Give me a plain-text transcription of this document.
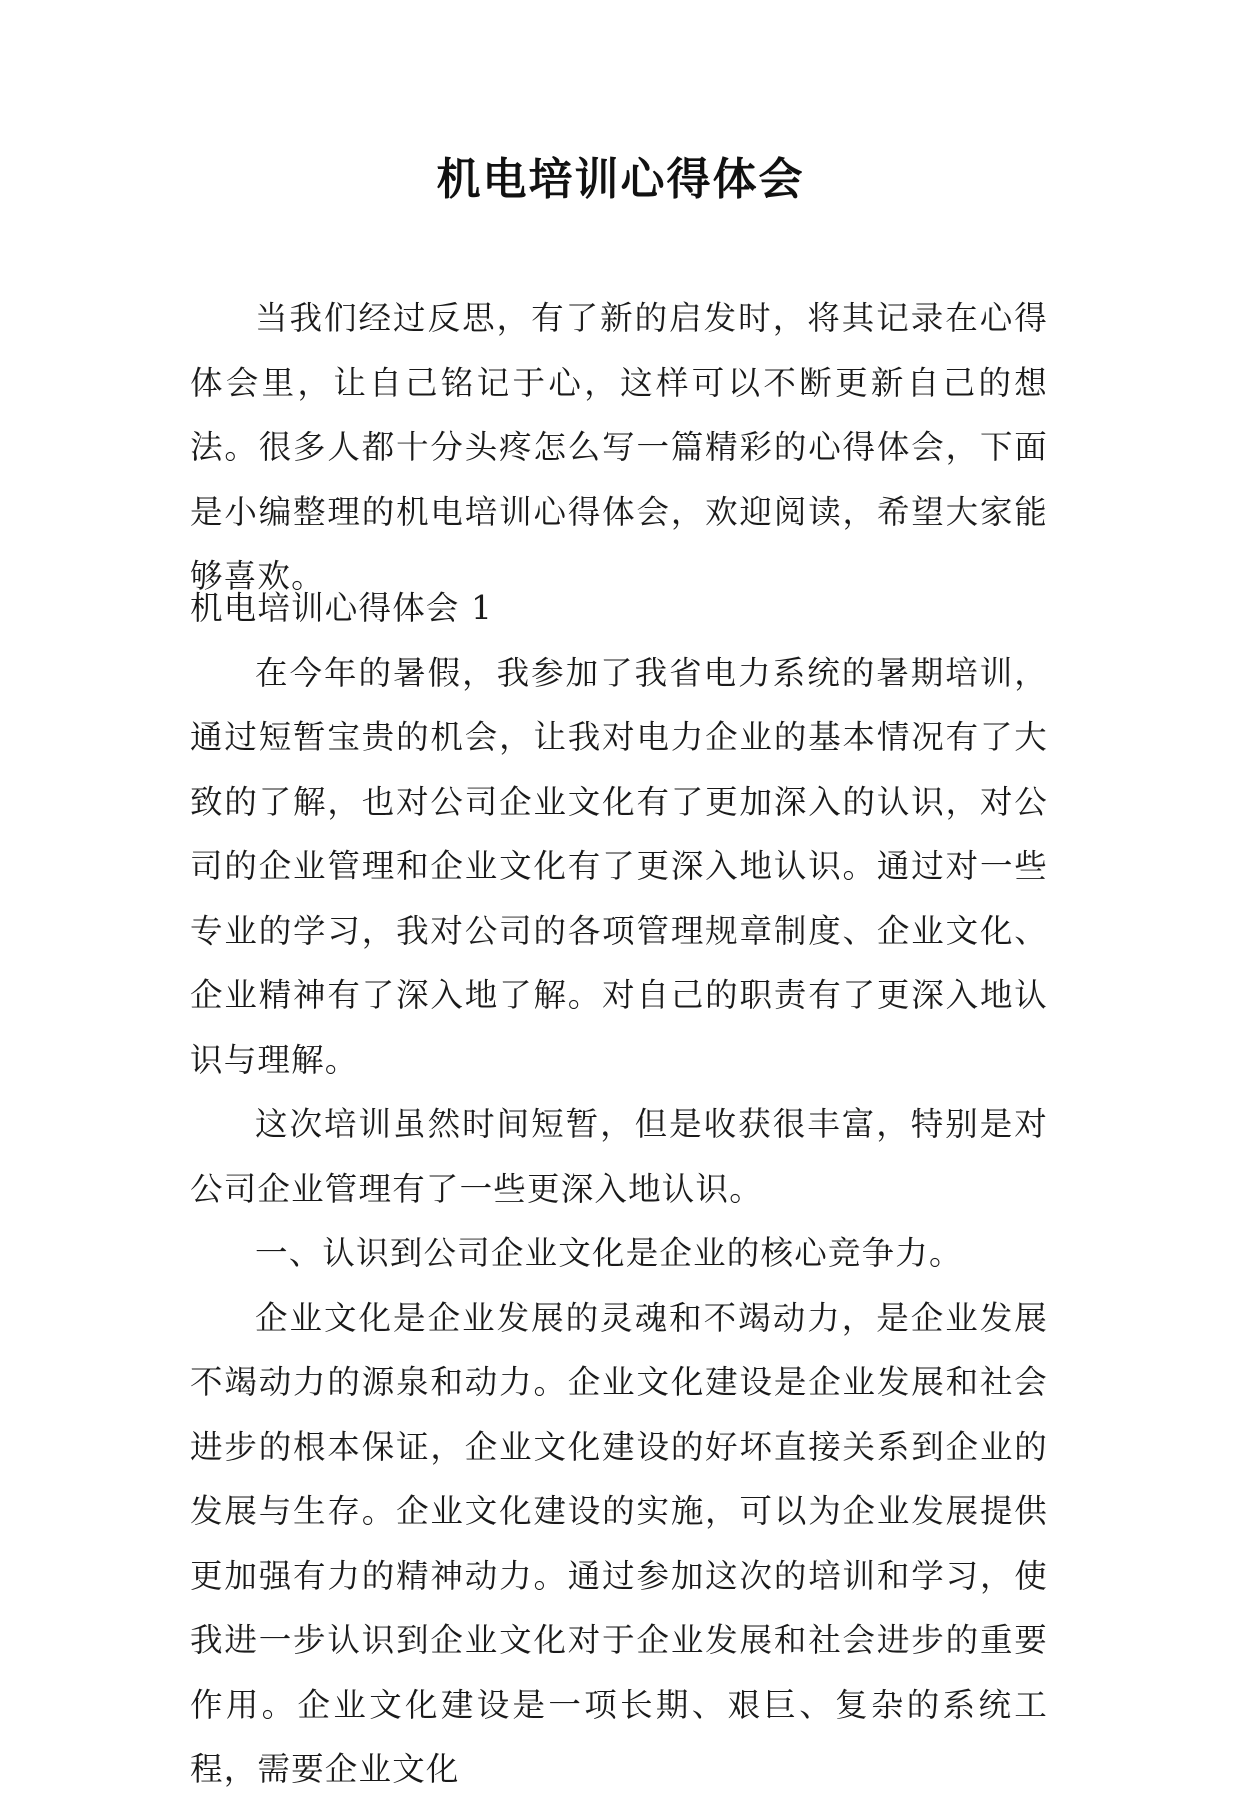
机电培训心得体会

当我们经过反思，有了新的启发时，将其记录在心得体会里，让自己铭记于心，这样可以不断更新自己的想法。很多人都十分头疼怎么写一篇精彩的心得体会，下面是小编整理的机电培训心得体会，欢迎阅读，希望大家能够喜欢。

机电培训心得体会 1

在今年的暑假，我参加了我省电力系统的暑期培训，通过短暂宝贵的机会，让我对电力企业的基本情况有了大致的了解，也对公司企业文化有了更加深入的认识，对公司的企业管理和企业文化有了更深入地认识。通过对一些专业的学习，我对公司的各项管理规章制度、企业文化、企业精神有了深入地了解。对自己的职责有了更深入地认识与理解。

这次培训虽然时间短暂，但是收获很丰富，特别是对公司企业管理有了一些更深入地认识。

一、认识到公司企业文化是企业的核心竞争力。

企业文化是企业发展的灵魂和不竭动力，是企业发展不竭动力的源泉和动力。企业文化建设是企业发展和社会进步的根本保证，企业文化建设的好坏直接关系到企业的发展与生存。企业文化建设的实施，可以为企业发展提供更加强有力的精神动力。通过参加这次的培训和学习，使我进一步认识到企业文化对于企业发展和社会进步的重要作用。企业文化建设是一项长期、艰巨、复杂的系统工程，需要企业文化
